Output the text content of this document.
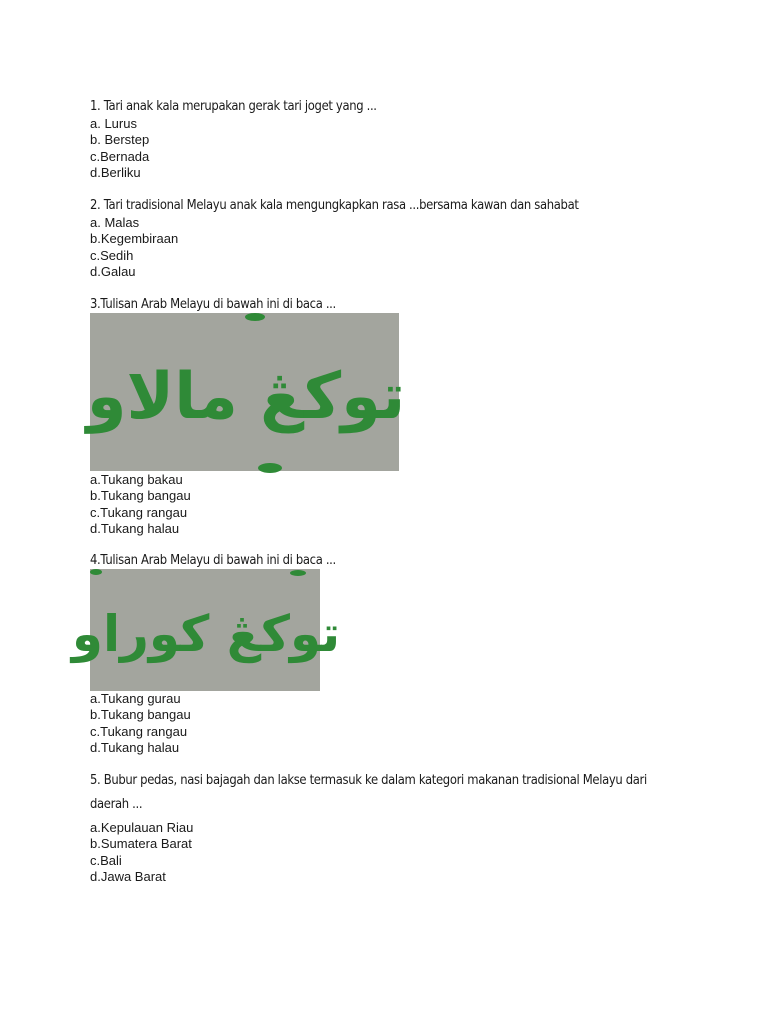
1. Tari anak kala merupakan gerak tari joget yang ...
a. Lurus
b. Berstep
c.Bernada
d.Berliku
2. Tari tradisional Melayu anak kala mengungkapkan rasa ...bersama kawan dan sahabat
a. Malas
b.Kegembiraan
c.Sedih
d.Galau
3.Tulisan Arab Melayu di bawah ini di baca ...
توکڠ مالاو
a.Tukang bakau
b.Tukang bangau
c.Tukang rangau
d.Tukang halau
4.Tulisan Arab Melayu di bawah ini di baca ...
توکڠ کوراو
a.Tukang gurau
b.Tukang bangau
c.Tukang rangau
d.Tukang halau
5. Bubur pedas, nasi bajagah dan lakse termasuk ke dalam kategori makanan tradisional Melayu dari
daerah ...
a.Kepulauan Riau
b.Sumatera Barat
c.Bali
d.Jawa Barat
